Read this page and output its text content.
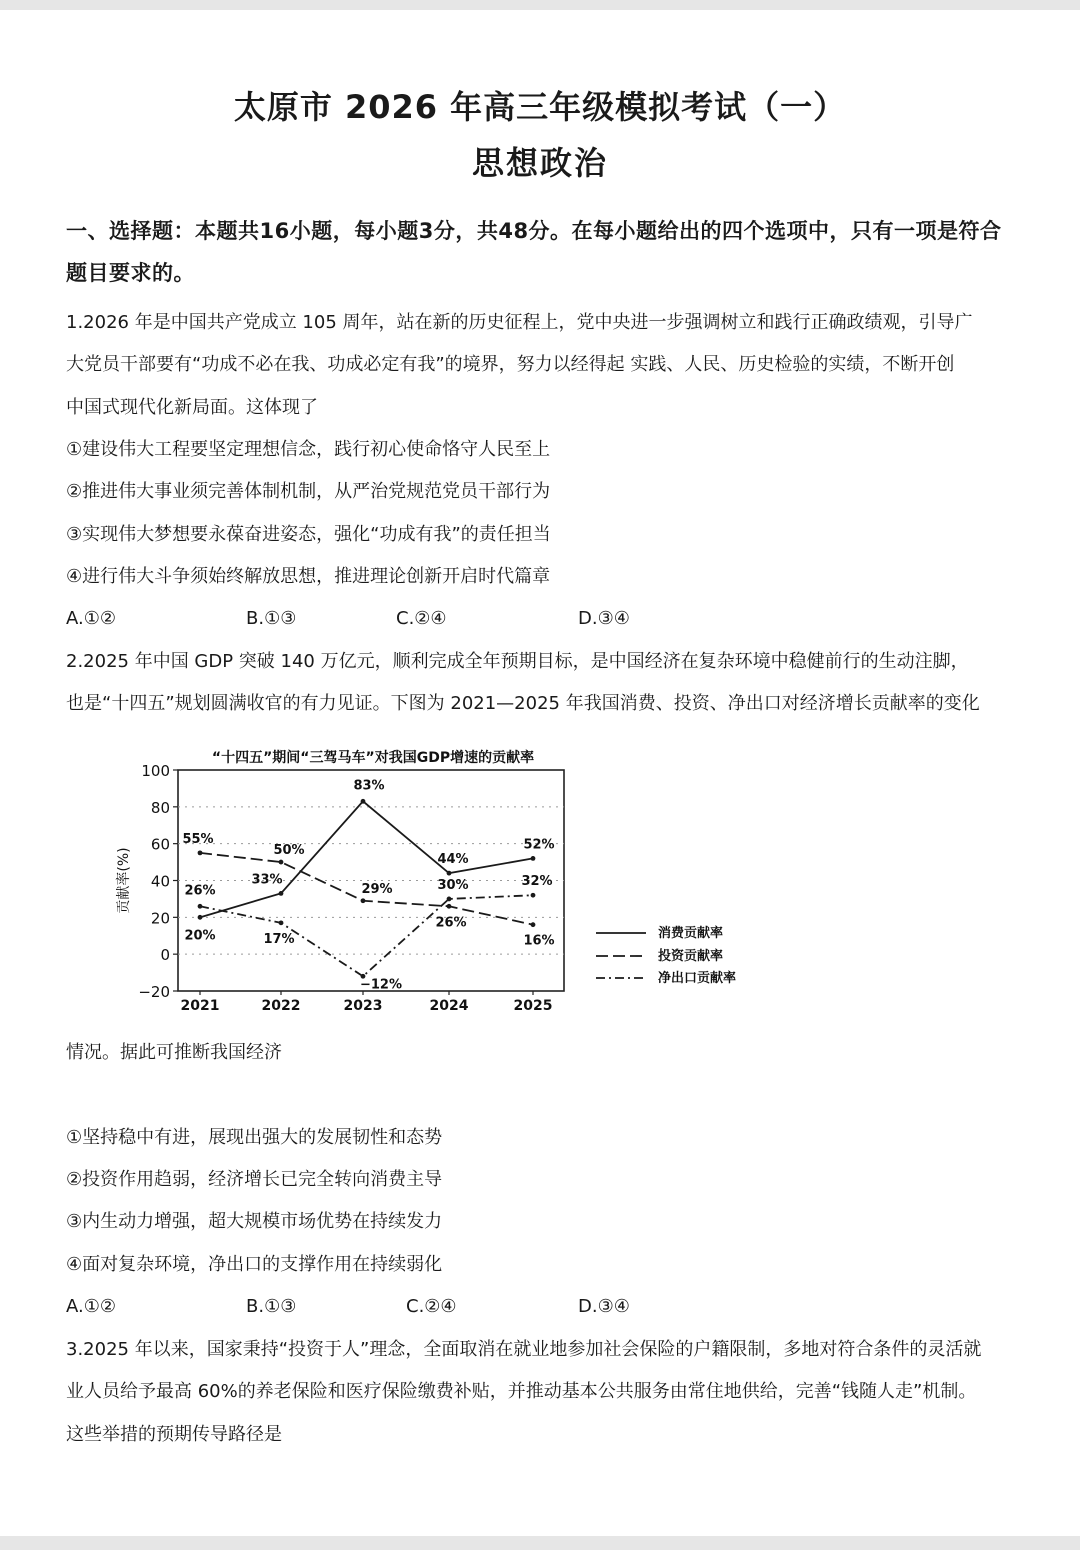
太原市 2026 年高三年级模拟考试（一）
思想政治

一、选择题：本题共16小题，每小题3分，共48分。在每小题给出的四个选项中，只有一项是符合题目要求的。

1.2026 年是中国共产党成立 105 周年，站在新的历史征程上，党中央进一步强调树立和践行正确政绩观，引导广

大党员干部要有“功成不必在我、功成必定有我”的境界，努力以经得起 实践、人民、历史检验的实绩，不断开创

中国式现代化新局面。这体现了

①建设伟大工程要坚定理想信念，践行初心使命恪守人民至上

②推进伟大事业须完善体制机制，从严治党规范党员干部行为

③实现伟大梦想要永葆奋进姿态，强化“功成有我”的责任担当

④进行伟大斗争须始终解放思想，推进理论创新开启时代篇章

A.①②	B.①③	C.②④	D.③④

2.2025 年中国 GDP 突破 140 万亿元，顺利完成全年预期目标，是中国经济在复杂环境中稳健前行的生动注脚，

也是“十四五”规划圆满收官的有力见证。下图为 2021—2025 年我国消费、投资、净出口对经济增长贡献率的变化

“十四五”期间“三驾马车”对我国GDP增速的贡献率
100
80
60
40
20
0
−20
贡献率(%)
2021	2022	2023	2024	2025
20%
33%
83%
44%
52%
55%
50%
29%
26%
16%
26%
17%
−12%
30%	32%
消费贡献率
投资贡献率
净出口贡献率

情况。据此可推断我国经济

①坚持稳中有进，展现出强大的发展韧性和态势

②投资作用趋弱，经济增长已完全转向消费主导

③内生动力增强，超大规模市场优势在持续发力

④面对复杂环境，净出口的支撑作用在持续弱化

A.①②	B.①③	C.②④	D.③④

3.2025 年以来，国家秉持“投资于人”理念，全面取消在就业地参加社会保险的户籍限制，多地对符合条件的灵活就

业人员给予最高 60%的养老保险和医疗保险缴费补贴，并推动基本公共服务由常住地供给，完善“钱随人走”机制。

这些举措的预期传导路径是
